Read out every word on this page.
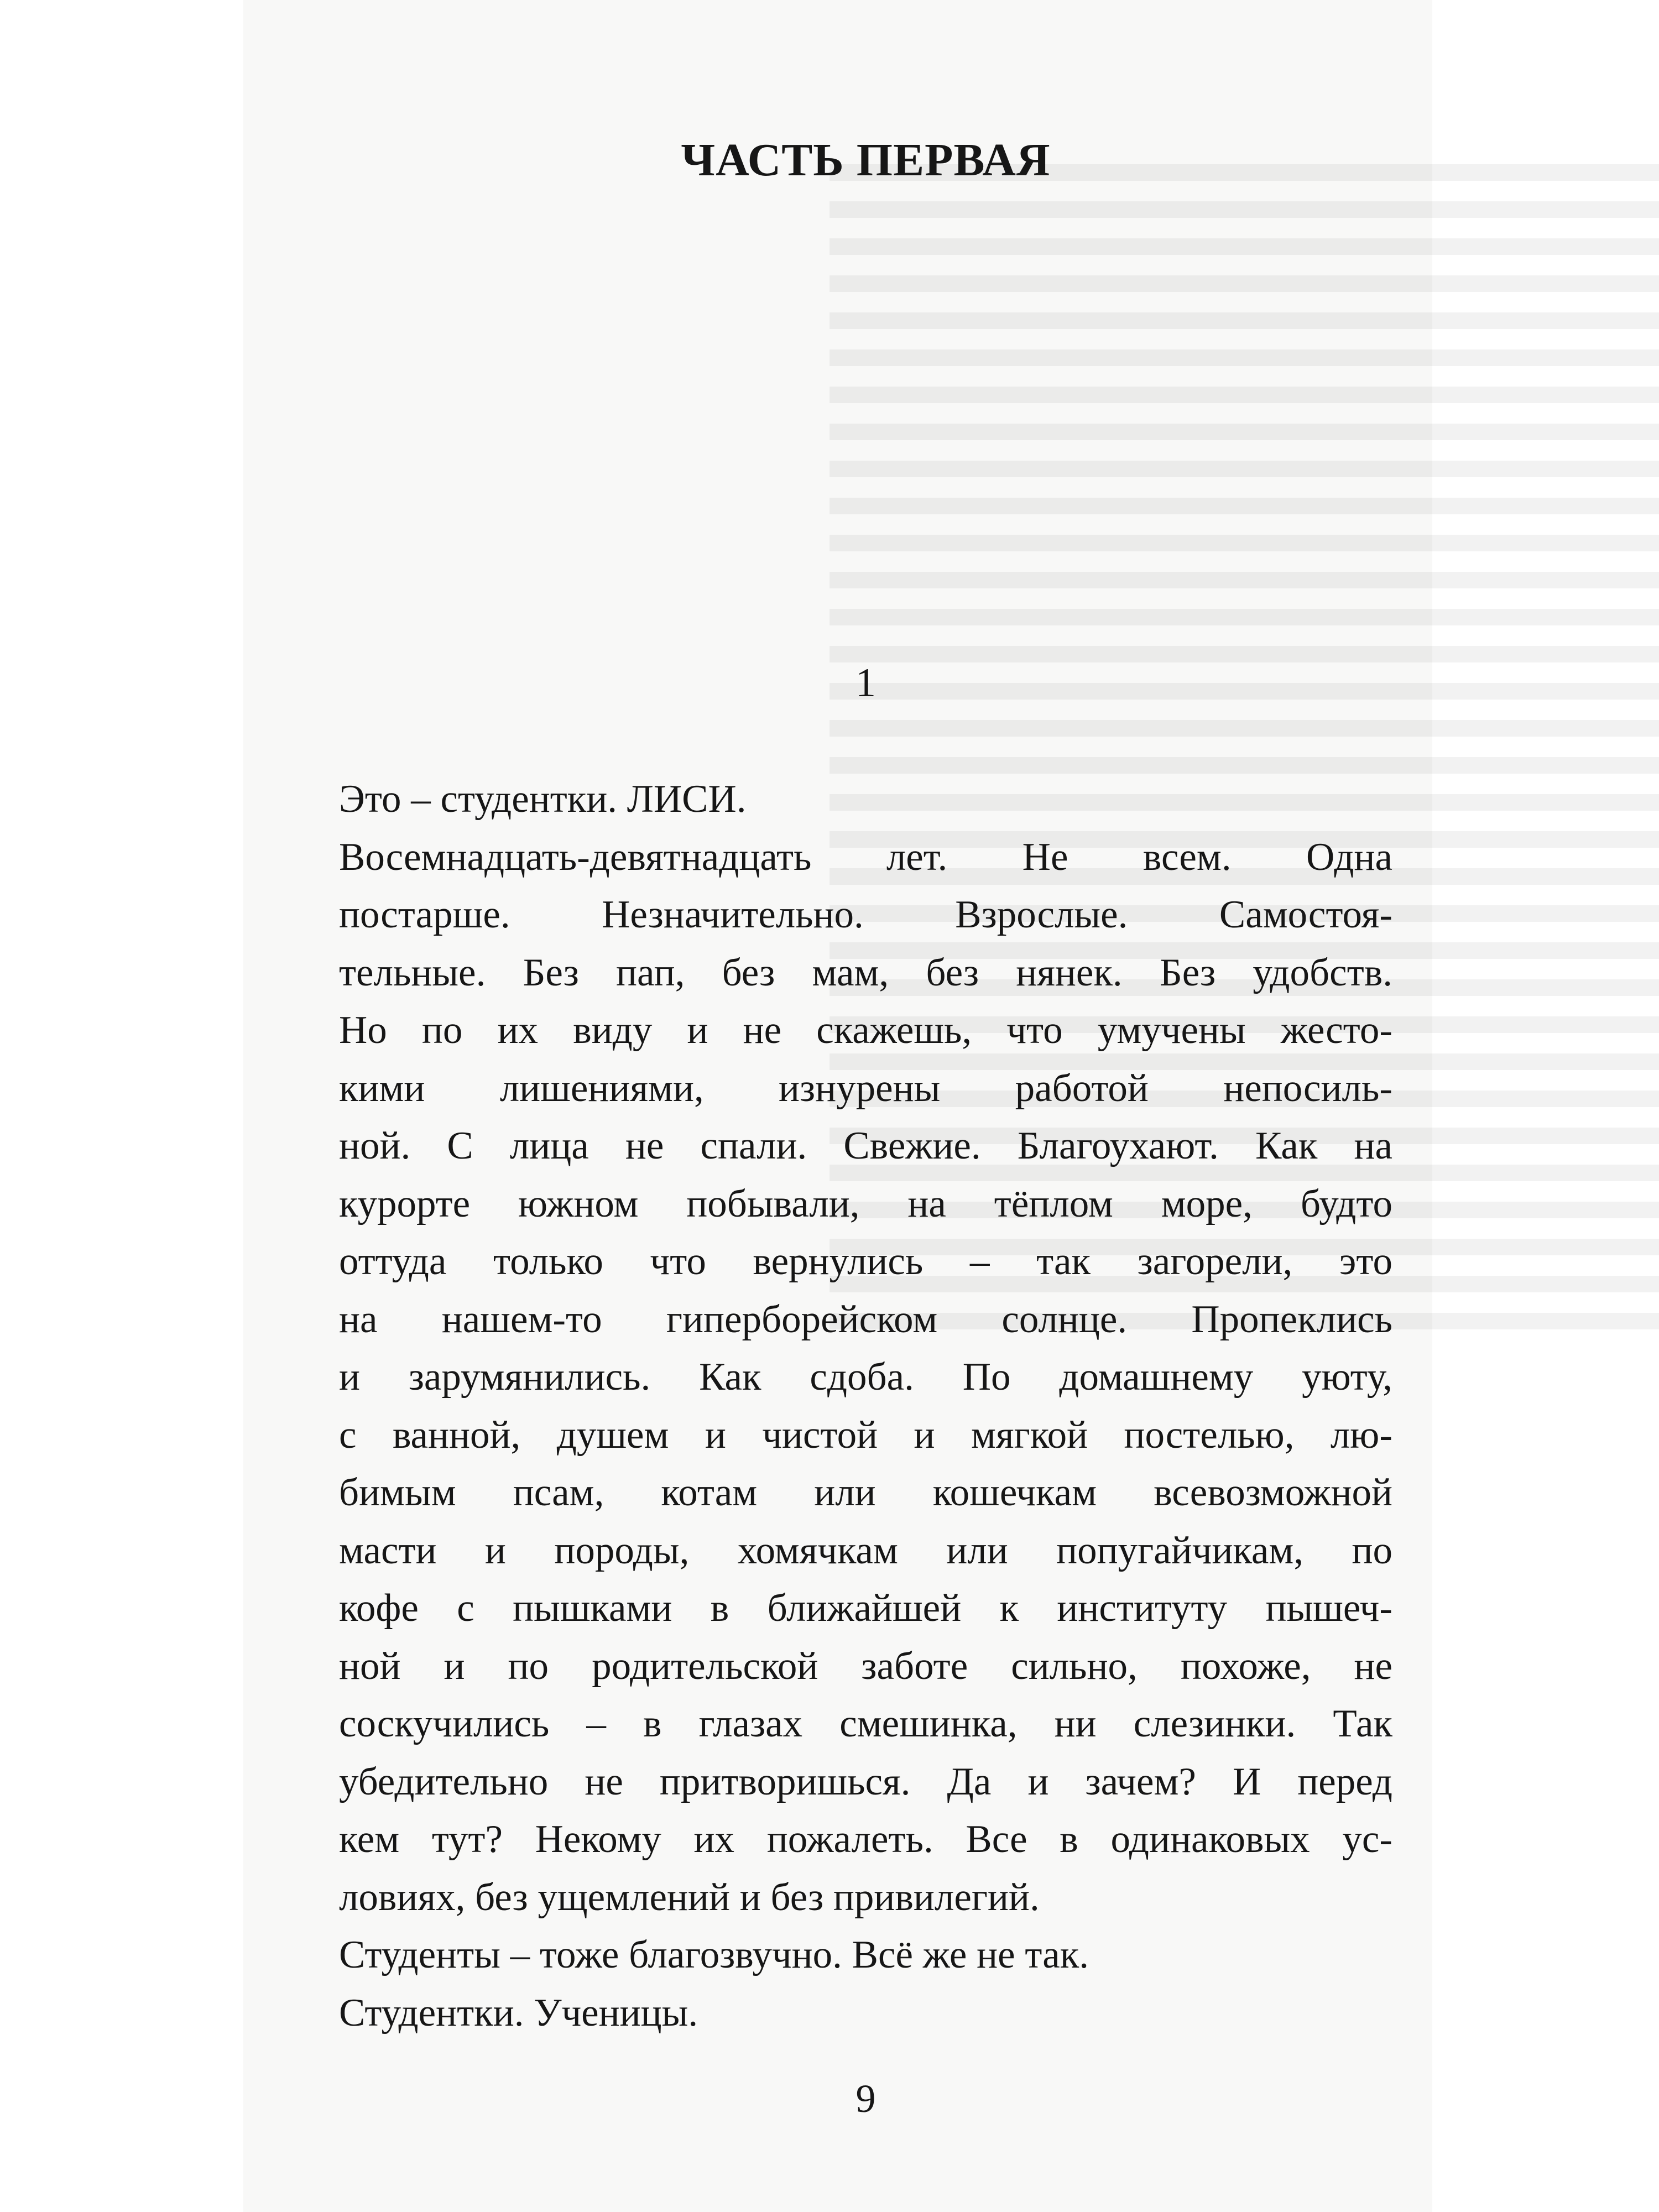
ЧАСТЬ ПЕРВАЯ
1
Это – студентки. ЛИСИ.
Восемнадцать-девятнадцать лет. Не всем. Одна
постарше. Незначительно. Взрослые. Самостоя-
тельные. Без пап, без мам, без нянек. Без удобств.
Но по их виду и не скажешь, что умучены жесто-
кими лишениями, изнурены работой непосиль-
ной. С лица не спали. Свежие. Благоухают. Как на
курорте южном побывали, на тёплом море, будто
оттуда только что вернулись – так загорели, это
на нашем-то гиперборейском солнце. Пропеклись
и зарумянились. Как сдоба. По домашнему уюту,
с ванной, душем и чистой и мягкой постелью, лю-
бимым псам, котам или кошечкам всевозможной
масти и породы, хомячкам или попугайчикам, по
кофе с пышками в ближайшей к институту пышеч-
ной и по родительской заботе сильно, похоже, не
соскучились – в глазах смешинка, ни слезинки. Так
убедительно не притворишься. Да и зачем? И перед
кем тут? Некому их пожалеть. Все в одинаковых ус-
ловиях, без ущемлений и без привилегий.
Студенты – тоже благозвучно. Всё же не так.
Студентки. Ученицы.
9
